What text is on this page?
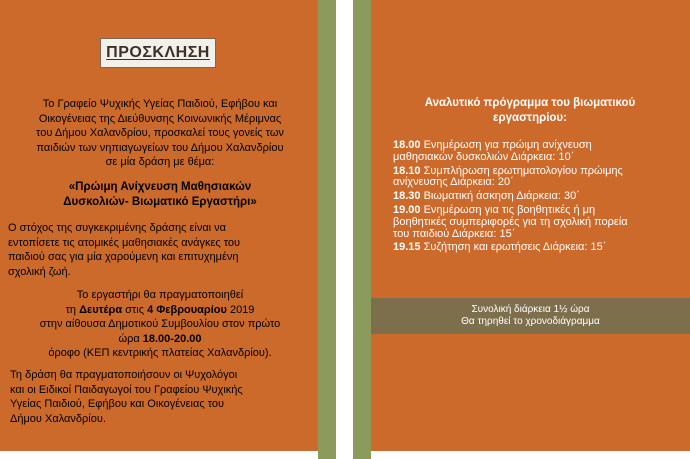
ΠΡΟΣΚΛΗΣΗ
Το Γραφείο Ψυχικής Υγείας Παιδιού, Εφήβου και
Οικογένειας της Διεύθυνσης Κοινωνικής Μέριμνας
του Δήμου Χαλανδρίου, προσκαλεί τους γονείς των
παιδιών των νηπιαγωγείων του Δήμου Χαλανδρίου
σε μία δράση με θέμα:
«Πρώιμη Ανίχνευση Μαθησιακών
Δυσκολιών- Βιωματικό Εργαστήρι»
Ο στόχος της συγκεκριμένης δράσης είναι να
εντοπίσετε τις ατομικές μαθησιακές ανάγκες του
παιδιού σας για μία χαρούμενη και επιτυχημένη
σχολική ζωή.
Το εργαστήρι θα πραγματοποιηθεί
τη Δευτέρα στις 4 Φεβρουαρίου 2019
στην αίθουσα Δημοτικού Συμβουλίου στον πρώτο
ώρα 18.00-20.00
όροφο (ΚΕΠ κεντρικής πλατείας Χαλανδρίου).
Τη δράση θα πραγματοποιήσουν οι Ψυχολόγοι
και οι Ειδικοί Παιδαγωγοί του Γραφείου Ψυχικής
Υγείας Παιδιού, Εφήβου και Οικογένειας του
Δήμου Χαλανδρίου.
Αναλυτικό πρόγραμμα του βιωματικού
εργαστηρίου:
18.00 Ενημέρωση για πρώιμη ανίχνευση
μαθησιακών δυσκολιών Διάρκεια: 10΄
18.10 Συμπλήρωση ερωτηματολογίου πρώιμης
ανίχνευσης Διάρκεια: 20΄
18.30 Βιωματική άσκηση Διάρκεια: 30΄
19.00 Ενημέρωση για τις βοηθητικές ή μη
βοηθητικές συμπεριφορές για τη σχολική πορεία
του παιδιού Διάρκεια: 15΄
19.15 Συζήτηση και ερωτήσεις Διάρκεια: 15΄
Συνολική διάρκεια 1½ ώρα
Θα τηρηθεί το χρονοδιάγραμμα
